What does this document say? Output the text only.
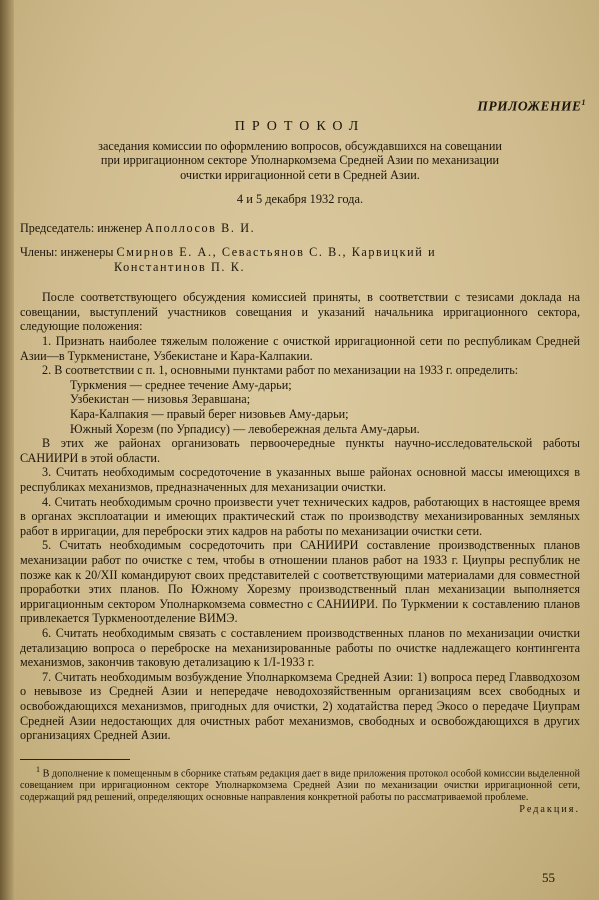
ПРИЛОЖЕНИЕ$^1$
ПРОТОКОЛ
заседания комиссии по оформлению вопросов, обсуждавшихся на совещании
при ирригационном секторе Уполнаркомзема Средней Азии по механизации
очистки ирригационной сети в Средней Азии.
4 и 5 декабря 1932 года.
Председатель: инженер Аполлосов В. И.
Члены: инженеры Смирнов Е. А., Севастьянов С. В., Карвицкий и
Константинов П. К.

После соответствующего обсуждения комиссией приняты, в соответствии с тезисами доклада на совещании, выступлений участников совещания и указаний начальника ирригационного сектора, следующие положения:

1. Признать наиболее тяжелым положение с очисткой ирригационной сети по республикам Средней Азии—в Туркменистане, Узбекистане и Кара-Калпакии.

2. В соответствии с п. 1, основными пунктами работ по механизации на 1933 г. определить:

Туркмения — среднее течение Аму-дарьи;

Узбекистан — низовья Зеравшана;

Кара-Калпакия — правый берег низовьев Аму-дарьи;

Южный Хорезм (по Урпадису) — левобережная дельта Аму-дарьи.

В этих же районах организовать первоочередные пункты научно-исследовательской работы САНИИРИ в этой области.

3. Считать необходимым сосредоточение в указанных выше районах основной массы имеющихся в республиках механизмов, предназначенных для механизации очистки.

4. Считать необходимым срочно произвести учет технических кадров, работающих в настоящее время в органах эксплоатации и имеющих практический стаж по производству механизированных земляных работ в ирригации, для переброски этих кадров на работы по механизации очистки сети.

5. Считать необходимым сосредоточить при САНИИРИ составление производственных планов механизации работ по очистке с тем, чтобы в отношении планов работ на 1933 г. Циупры республик не позже как к 20/XII командируют своих представителей с соответствующими материалами для совместной проработки этих планов. По Южному Хорезму производственный план механизации выполняется ирригационным сектором Уполнаркомзема совместно с САНИИРИ. По Туркмении к составлению планов привлекается Туркменоотделение ВИМЭ.

6. Считать необходимым связать с составлением производственных планов по механизации очистки детализацию вопроса о переброске на механизированные работы по очистке надлежащего контингента механизмов, закончив таковую детализацию к 1/I-1933 г.

7. Считать необходимым возбуждение Уполнаркомзема Средней Азии: 1) вопроса перед Главводхозом о невывозе из Средней Азии и непередаче неводохозяйственным организациям всех свободных и освобождающихся механизмов, пригодных для очистки, 2) ходатайства перед Экосо о передаче Циупрам Средней Азии недостающих для очистных работ механизмов, свободных и освобождающихся в других организациях Средней Азии.

$^1$ В дополнение к помещенным в сборнике статьям редакция дает в виде приложения протокол особой комиссии выделенной совещанием при ирригационном секторе Уполнаркомзема Средней Азии по механизации очистки ирригационной сети, содержащий ряд решений, определяющих основные направления конкретной работы по рассматриваемой проблеме.
Редакция.
55
